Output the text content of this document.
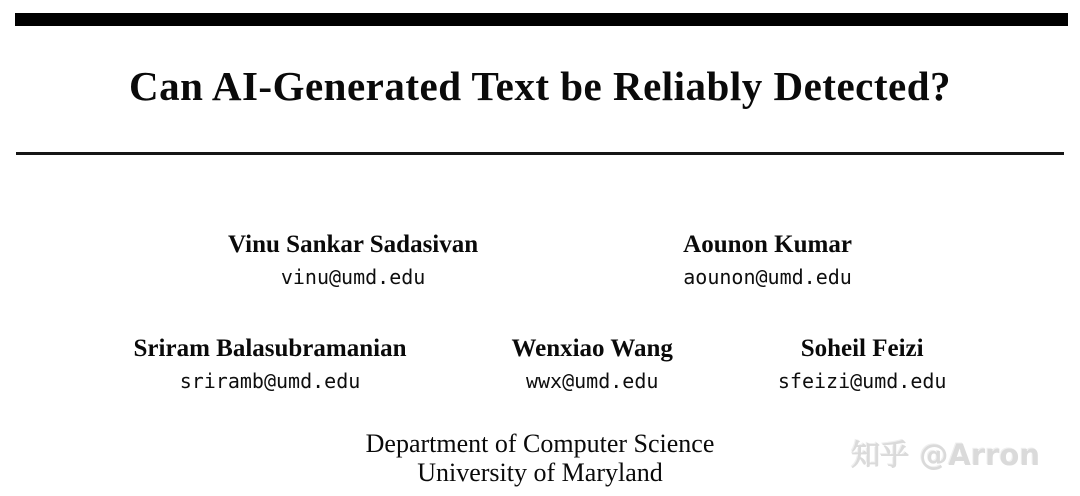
Can AI-Generated Text be Reliably Detected?
Vinu Sankar Sadasivan
vinu@umd.edu
Aounon Kumar
aounon@umd.edu
Sriram Balasubramanian
sriramb@umd.edu
Wenxiao Wang
wwx@umd.edu
Soheil Feizi
sfeizi@umd.edu
Department of Computer Science
University of Maryland
知乎 @Arron
